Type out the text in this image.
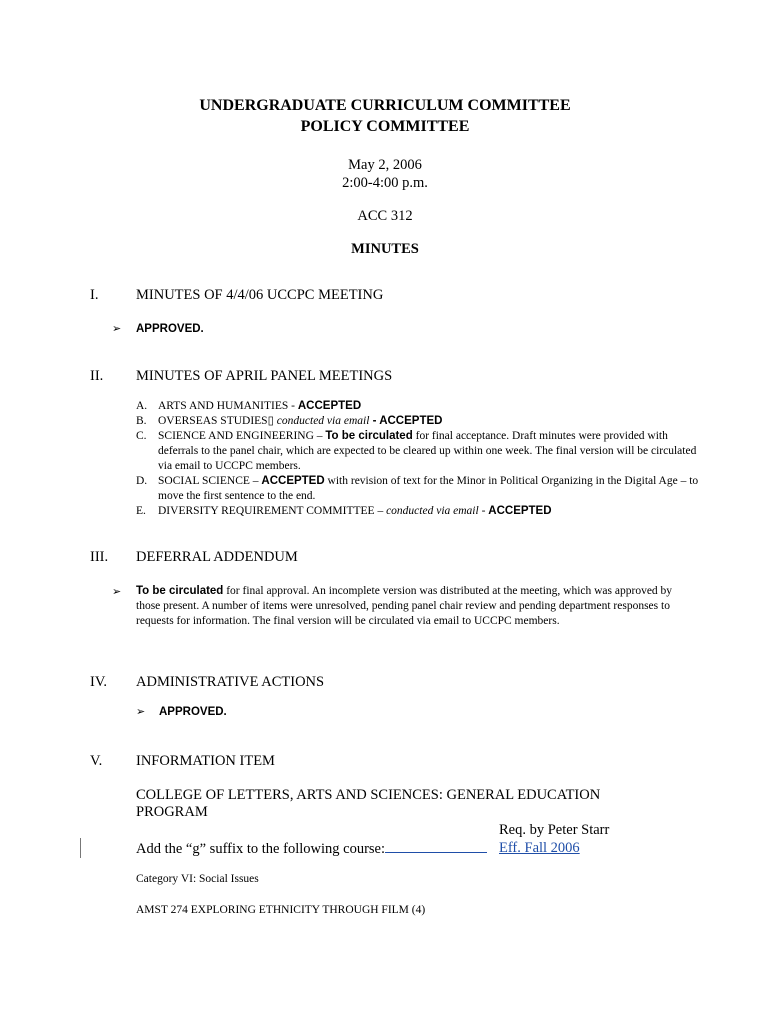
UNDERGRADUATE CURRICULUM COMMITTEE
POLICY COMMITTEE
May 2, 2006
2:00-4:00 p.m.
ACC 312
MINUTES
I.	MINUTES OF 4/4/06 UCCPC MEETING
➢ APPROVED.
II. MINUTES OF APRIL PANEL MEETINGS
A. ARTS AND HUMANITIES - ACCEPTED
B. OVERSEAS STUDIES▯ conducted via email - ACCEPTED
C. SCIENCE AND ENGINEERING – To be circulated for final acceptance. Draft minutes were provided with deferrals to the panel chair, which are expected to be cleared up within one week. The final version will be circulated via email to UCCPC members.
D. SOCIAL SCIENCE – ACCEPTED with revision of text for the Minor in Political Organizing in the Digital Age – to move the first sentence to the end.
E. DIVERSITY REQUIREMENT COMMITTEE – conducted via email - ACCEPTED
III. DEFERRAL ADDENDUM
➢ To be circulated for final approval. An incomplete version was distributed at the meeting, which was approved by those present. A number of items were unresolved, pending panel chair review and pending department responses to requests for information. The final version will be circulated via email to UCCPC members.
IV. ADMINISTRATIVE ACTIONS
➢ APPROVED.
V. INFORMATION ITEM
COLLEGE OF LETTERS, ARTS AND SCIENCES: GENERAL EDUCATION
PROGRAM
Req. by Peter Starr
Add the “g” suffix to the following course:	Eff. Fall 2006
Category VI: Social Issues
AMST 274 EXPLORING ETHNICITY THROUGH FILM (4)
